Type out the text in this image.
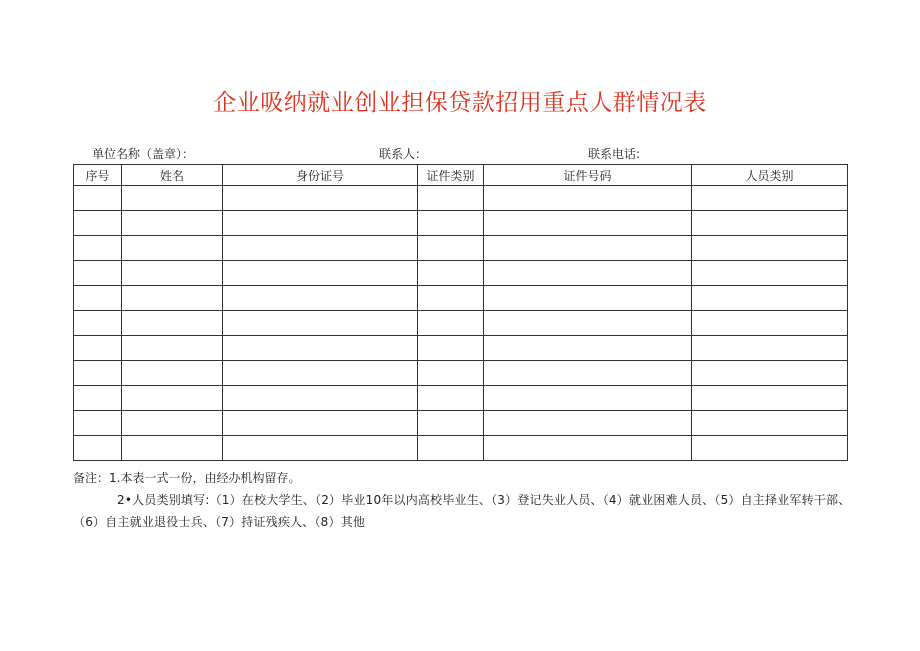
企业吸纳就业创业担保贷款招用重点人群情况表
单位名称（盖章）：	联系人：	联系电话:
序号	姓名	身份证号	证件类别	证件号码	人员类别

备注：1.本表一式一份，由经办机构留存。
2•人员类别填写:（1）在校大学生、（2）毕业10年以内高校毕业生、（3）登记失业人员、（4）就业困难人员、（5）自主择业军转干部、（6）自主就业退役士兵、（7）持证残疾人、（8）其他
